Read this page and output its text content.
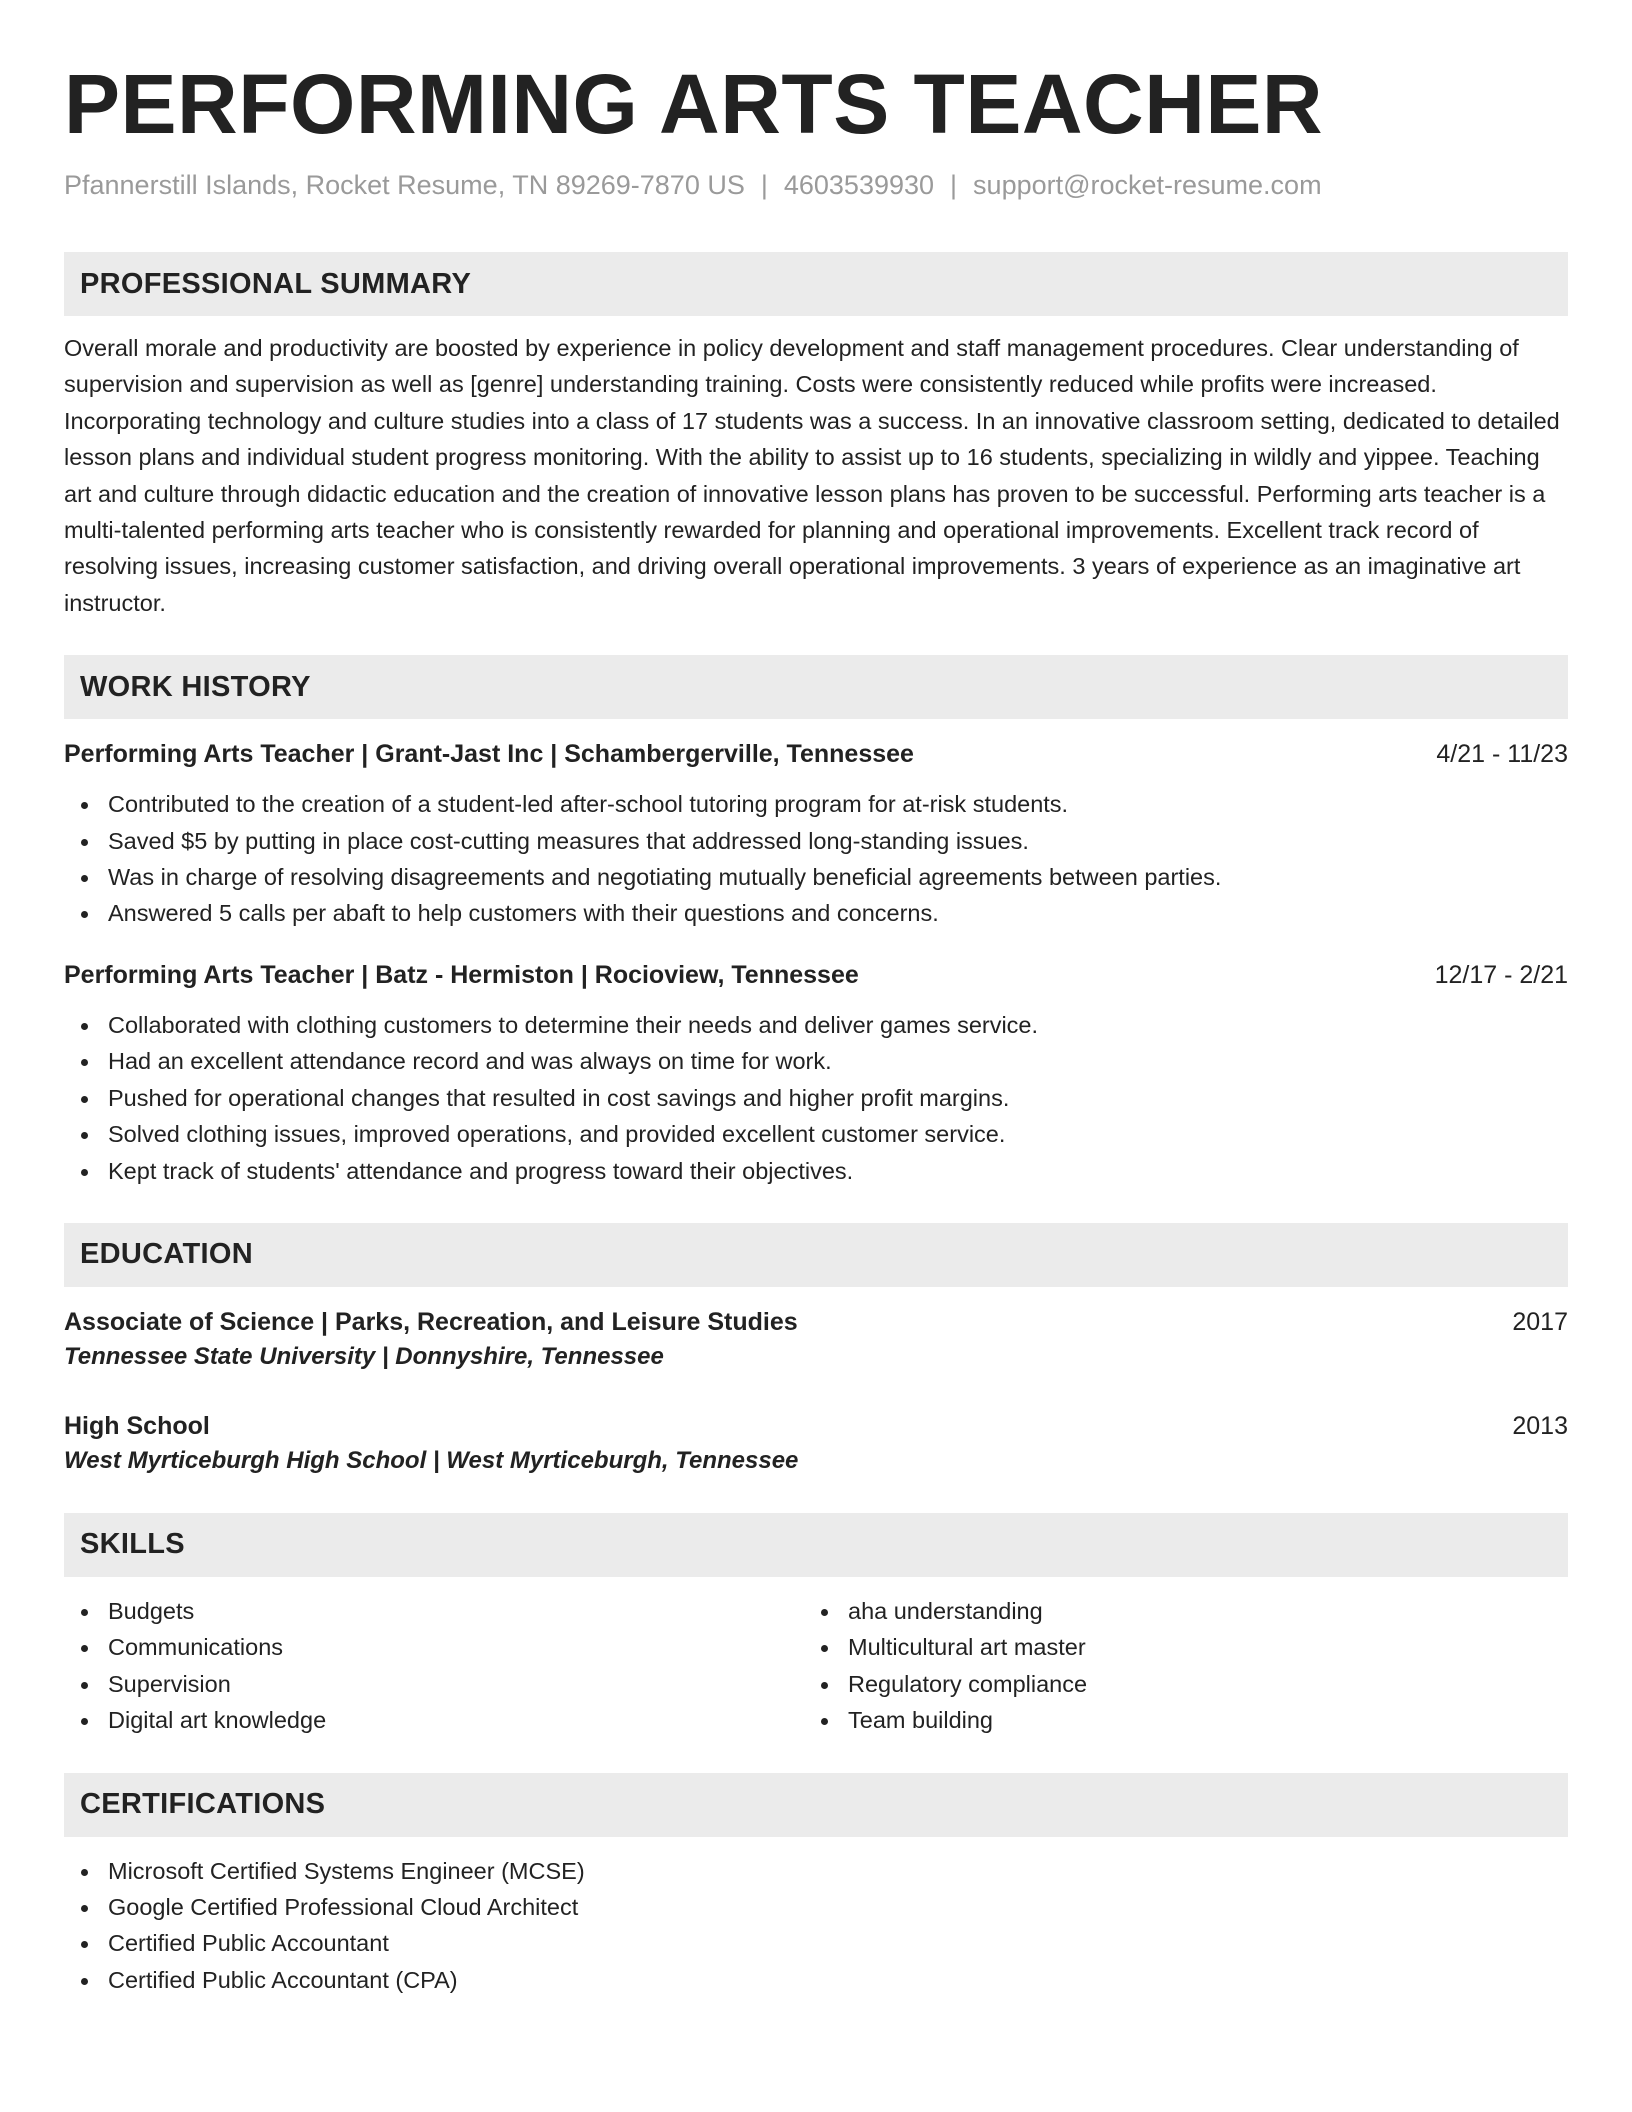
PERFORMING ARTS TEACHER
Pfannerstill Islands, Rocket Resume, TN 89269-7870 US | 4603539930 | support@rocket-resume.com
PROFESSIONAL SUMMARY
Overall morale and productivity are boosted by experience in policy development and staff management procedures. Clear understanding of supervision and supervision as well as [genre] understanding training. Costs were consistently reduced while profits were increased. Incorporating technology and culture studies into a class of 17 students was a success. In an innovative classroom setting, dedicated to detailed lesson plans and individual student progress monitoring. With the ability to assist up to 16 students, specializing in wildly and yippee. Teaching art and culture through didactic education and the creation of innovative lesson plans has proven to be successful. Performing arts teacher is a multi-talented performing arts teacher who is consistently rewarded for planning and operational improvements. Excellent track record of resolving issues, increasing customer satisfaction, and driving overall operational improvements. 3 years of experience as an imaginative art instructor.
WORK HISTORY
Performing Arts Teacher | Grant-Jast Inc | Schambergerville, Tennessee	4/21 - 11/23
Contributed to the creation of a student-led after-school tutoring program for at-risk students.
Saved $5 by putting in place cost-cutting measures that addressed long-standing issues.
Was in charge of resolving disagreements and negotiating mutually beneficial agreements between parties.
Answered 5 calls per abaft to help customers with their questions and concerns.
Performing Arts Teacher | Batz - Hermiston | Rocioview, Tennessee	12/17 - 2/21
Collaborated with clothing customers to determine their needs and deliver games service.
Had an excellent attendance record and was always on time for work.
Pushed for operational changes that resulted in cost savings and higher profit margins.
Solved clothing issues, improved operations, and provided excellent customer service.
Kept track of students' attendance and progress toward their objectives.
EDUCATION
Associate of Science | Parks, Recreation, and Leisure Studies	2017
Tennessee State University | Donnyshire, Tennessee
High School	2013
West Myrticeburgh High School | West Myrticeburgh, Tennessee
SKILLS
Budgets
Communications
Supervision
Digital art knowledge
aha understanding
Multicultural art master
Regulatory compliance
Team building
CERTIFICATIONS
Microsoft Certified Systems Engineer (MCSE)
Google Certified Professional Cloud Architect
Certified Public Accountant
Certified Public Accountant (CPA)
